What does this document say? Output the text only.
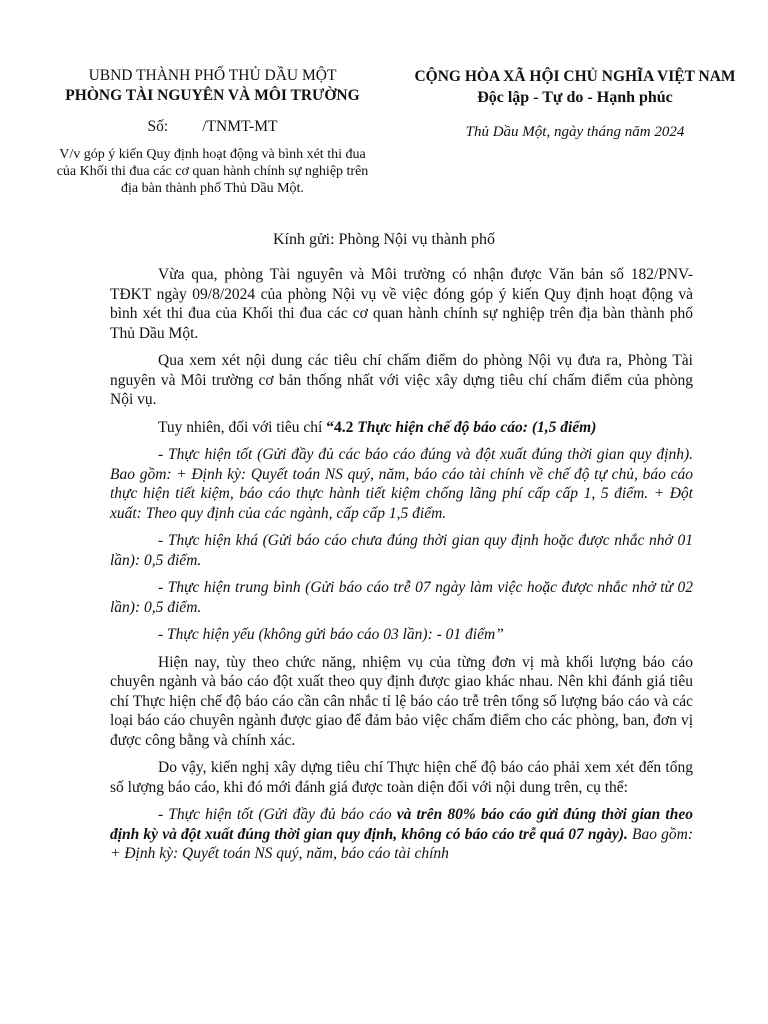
UBND THÀNH PHỐ THỦ DẦU MỘT
PHÒNG TÀI NGUYÊN VÀ MÔI TRƯỜNG
CỘNG HÒA XÃ HỘI CHỦ NGHĨA VIỆT NAM
Độc lập - Tự do - Hạnh phúc
Số: /TNMT-MT
V/v góp ý kiến Quy định hoạt động và bình xét thi đua của Khối thi đua các cơ quan hành chính sự nghiệp trên địa bàn thành phố Thủ Dầu Một.
Thủ Dầu Một, ngày tháng năm 2024
Kính gửi: Phòng Nội vụ thành phố

Vừa qua, phòng Tài nguyên và Môi trường có nhận được Văn bản số 182/PNV-TĐKT ngày 09/8/2024 của phòng Nội vụ về việc đóng góp ý kiến Quy định hoạt động và bình xét thi đua của Khối thi đua các cơ quan hành chính sự nghiệp trên địa bàn thành phố Thủ Dầu Một.

Qua xem xét nội dung các tiêu chí chấm điểm do phòng Nội vụ đưa ra, Phòng Tài nguyên và Môi trường cơ bản thống nhất với việc xây dựng tiêu chí chấm điểm của phòng Nội vụ.

Tuy nhiên, đối với tiêu chí “4.2 Thực hiện chế độ báo cáo: (1,5 điểm)

- Thực hiện tốt (Gửi đầy đủ các báo cáo đúng và đột xuất đúng thời gian quy định). Bao gồm: + Định kỳ: Quyết toán NS quý, năm, báo cáo tài chính về chế độ tự chủ, báo cáo thực hiện tiết kiệm, báo cáo thực hành tiết kiệm chống lãng phí cấp cấp 1, 5 điểm. + Đột xuất: Theo quy định của các ngành, cấp cấp 1,5 điểm.

- Thực hiện khá (Gửi báo cáo chưa đúng thời gian quy định hoặc được nhắc nhở 01 lần): 0,5 điểm.

- Thực hiện trung bình (Gửi báo cáo trễ 07 ngày làm việc hoặc được nhắc nhở từ 02 lần): 0,5 điểm.

- Thực hiện yếu (không gửi báo cáo 03 lần): - 01 điểm”

Hiện nay, tùy theo chức năng, nhiệm vụ của từng đơn vị mà khối lượng báo cáo chuyên ngành và báo cáo đột xuất theo quy định được giao khác nhau. Nên khi đánh giá tiêu chí Thực hiện chế độ báo cáo cần cân nhắc tỉ lệ báo cáo trễ trên tổng số lượng báo cáo và các loại báo cáo chuyên ngành được giao để đảm bảo việc chấm điểm cho các phòng, ban, đơn vị được công bằng và chính xác.

Do vậy, kiến nghị xây dựng tiêu chí Thực hiện chế độ báo cáo phải xem xét đến tổng số lượng báo cáo, khi đó mới đánh giá được toàn diện đối với nội dung trên, cụ thể:

- Thực hiện tốt (Gửi đầy đủ báo cáo và trên 80% báo cáo gửi đúng thời gian theo định kỳ và đột xuất đúng thời gian quy định, không có báo cáo trễ quá 07 ngày). Bao gồm: + Định kỳ: Quyết toán NS quý, năm, báo cáo tài chính
